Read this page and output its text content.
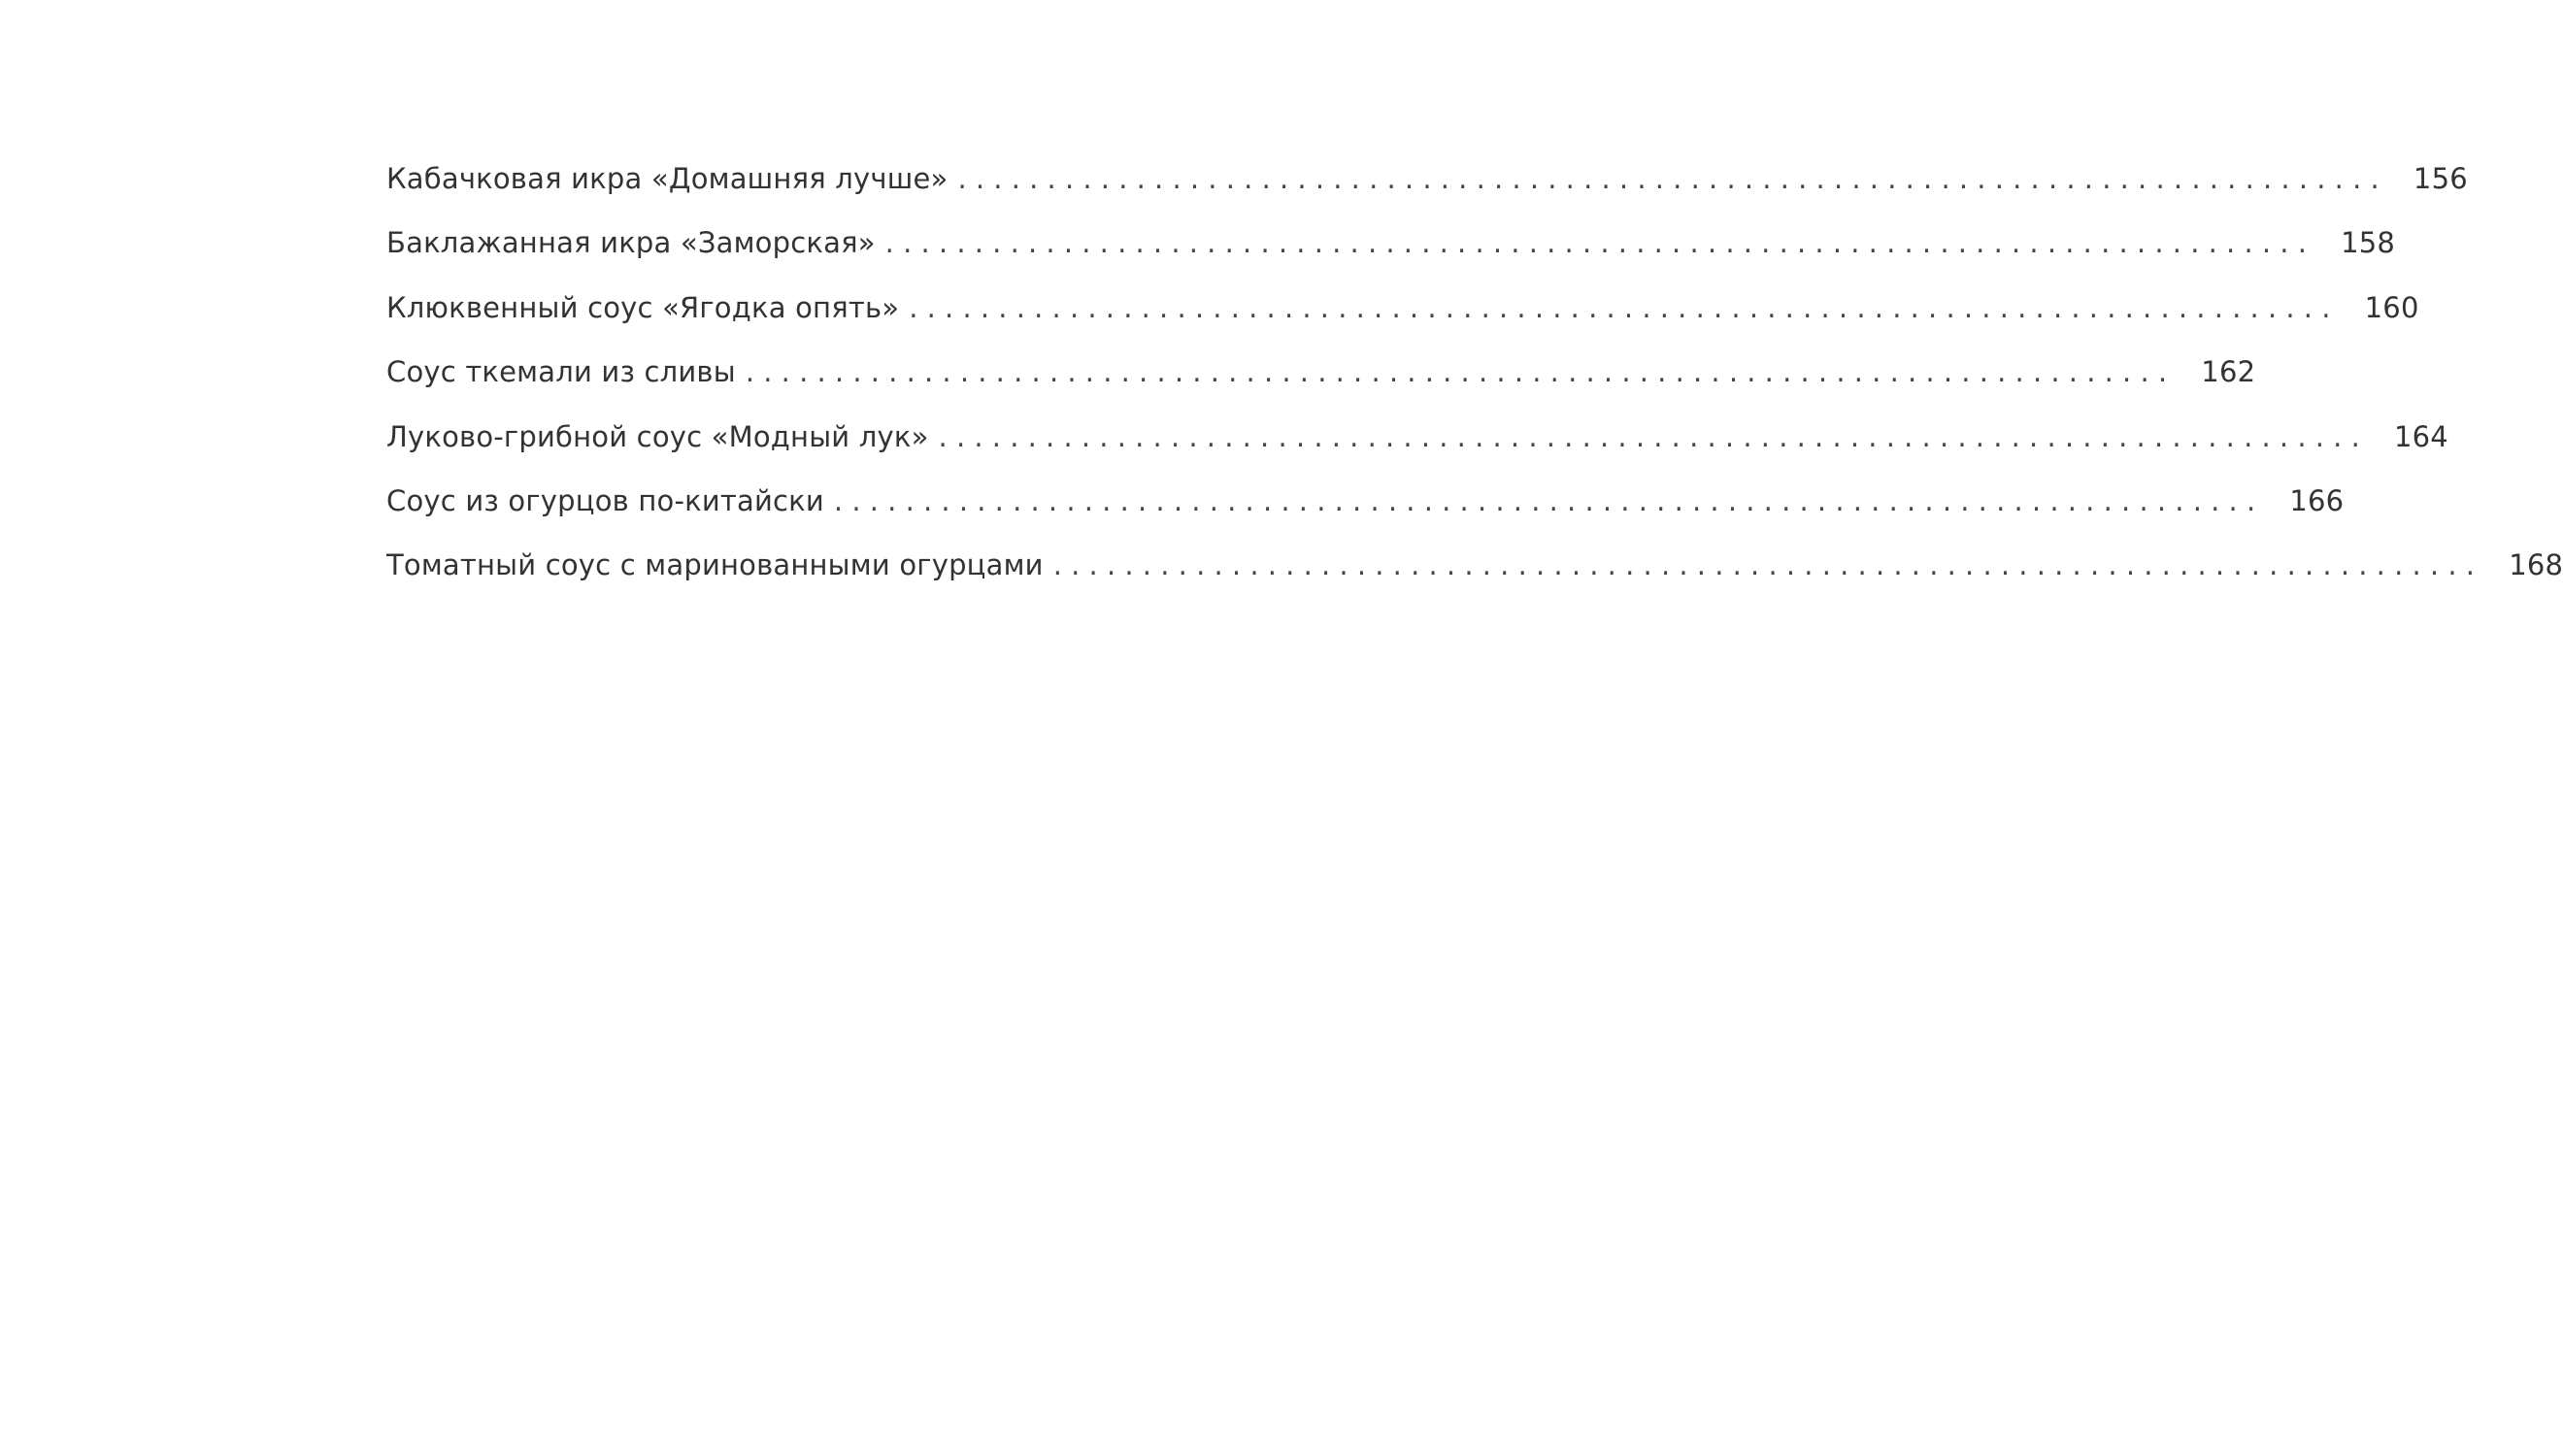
Кабачковая икра «Домашняя лучше» ................................................................................ 156
Баклажанная икра «Заморская» ................................................................................ 158
Клюквенный соус «Ягодка опять» ................................................................................ 160
Соус ткемали из сливы ................................................................................ 162
Луково-грибной соус «Модный лук» ................................................................................ 164
Соус из огурцов по-китайски ................................................................................ 166
Томатный соус с маринованными огурцами ................................................................................ 168
